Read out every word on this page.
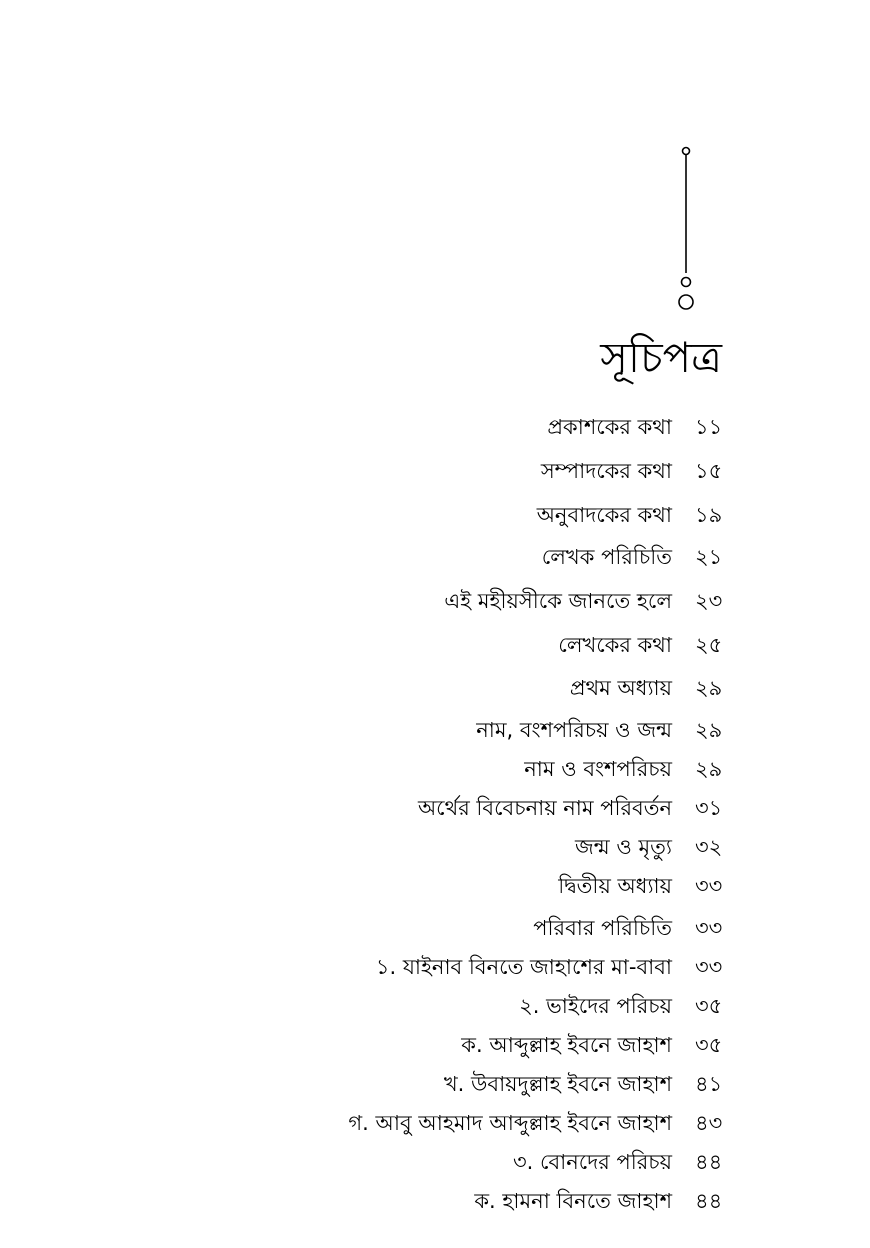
সূচিপত্র
প্রকাশকের কথা ১১
সম্পাদকের কথা ১৫
অনুবাদকের কথা ১৯
লেখক পরিচিতি ২১
এই মহীয়সীকে জানতে হলে ২৩
লেখকের কথা ২৫
প্রথম অধ্যায় ২৯
নাম, বংশপরিচয় ও জন্ম ২৯
নাম ও বংশপরিচয় ২৯
অর্থের বিবেচনায় নাম পরিবর্তন ৩১
জন্ম ও মৃত্যু ৩২
দ্বিতীয় অধ্যায় ৩৩
পরিবার পরিচিতি ৩৩
১. যাইনাব বিনতে জাহাশের মা-বাবা ৩৩
২. ভাইদের পরিচয় ৩৫
ক. আব্দুল্লাহ ইবনে জাহাশ ৩৫
খ. উবায়দুল্লাহ ইবনে জাহাশ ৪১
গ. আবু আহমাদ আব্দুল্লাহ ইবনে জাহাশ ৪৩
৩. বোনদের পরিচয় ৪৪
ক. হামনা বিনতে জাহাশ ৪৪
